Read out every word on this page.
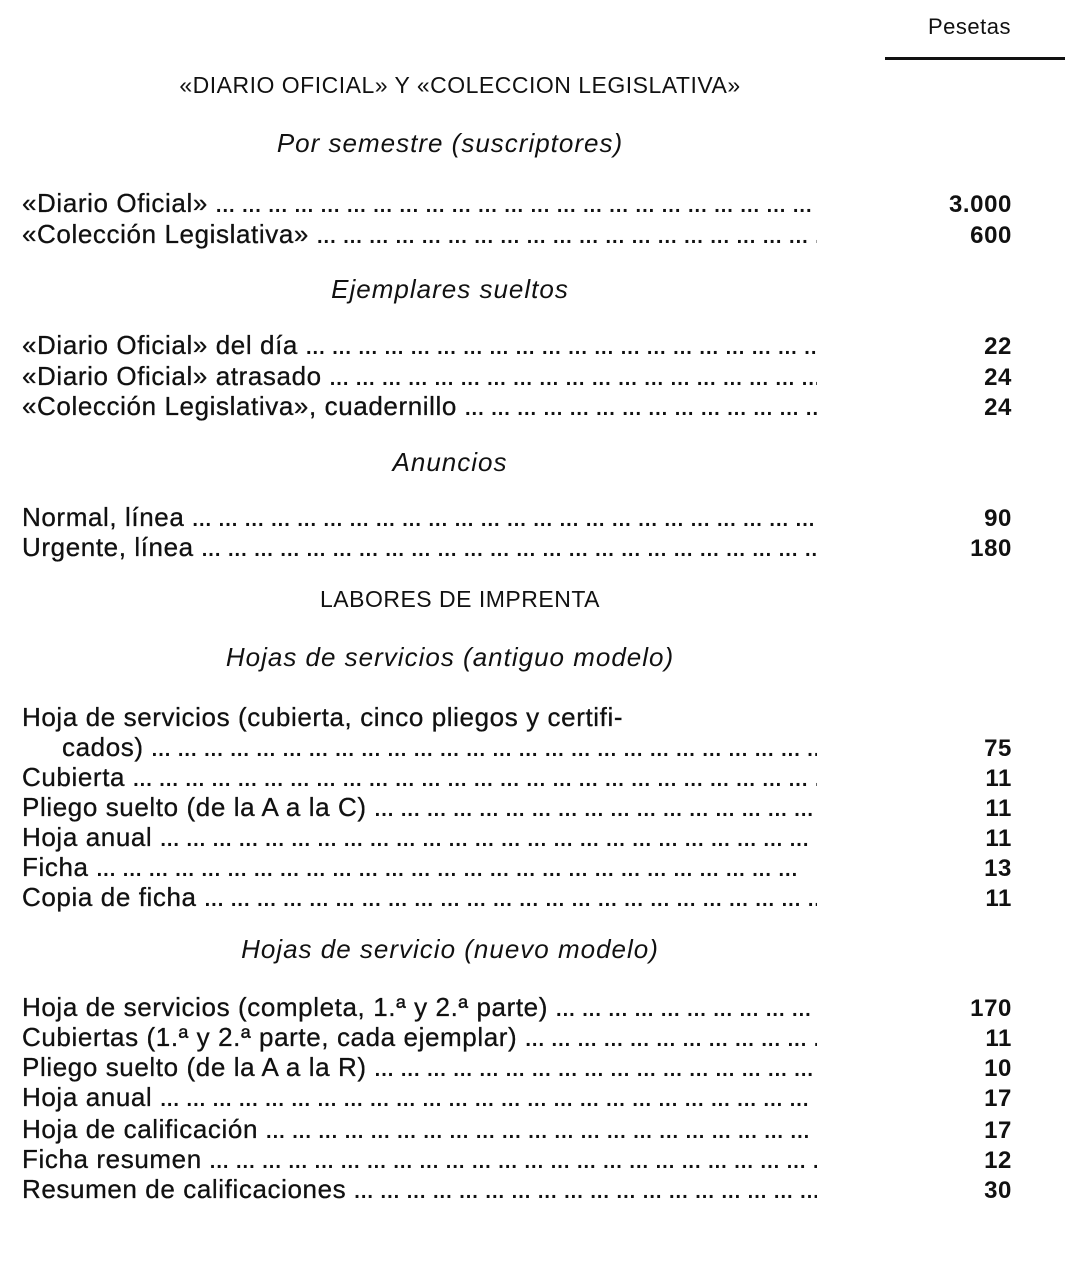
Pesetas
«DIARIO OFICIAL» Y «COLECCION LEGISLATIVA»
Por semestre (suscriptores)
«Diario Oficial» ... .	3.000
«Colección Legislativa» ... .	600
Ejemplares sueltos
«Diario Oficial» del día ... .	22
«Diario Oficial» atrasado ... .	24
«Colección Legislativa», cuadernillo ... .	24
Anuncios
Normal, línea ... .	90
Urgente, línea ... .	180
LABORES DE IMPRENTA
Hojas de servicios (antiguo modelo)
Hoja de servicios (cubierta, cinco pliegos y certifi-
cados) ... .	75
Cubierta ... .	11
Pliego suelto (de la A a la C) ... .	11
Hoja anual ... .	11
Ficha ... .	13
Copia de ficha ... .	11
Hojas de servicio (nuevo modelo)
Hoja de servicios (completa, 1.ª y 2.ª parte) ... .	170
Cubiertas (1.ª y 2.ª parte, cada ejemplar) ... .	11
Pliego suelto (de la A a la R) ... .	10
Hoja anual ... .	17
Hoja de calificación ... .	17
Ficha resumen ... .	12
Resumen de calificaciones ... .	30
